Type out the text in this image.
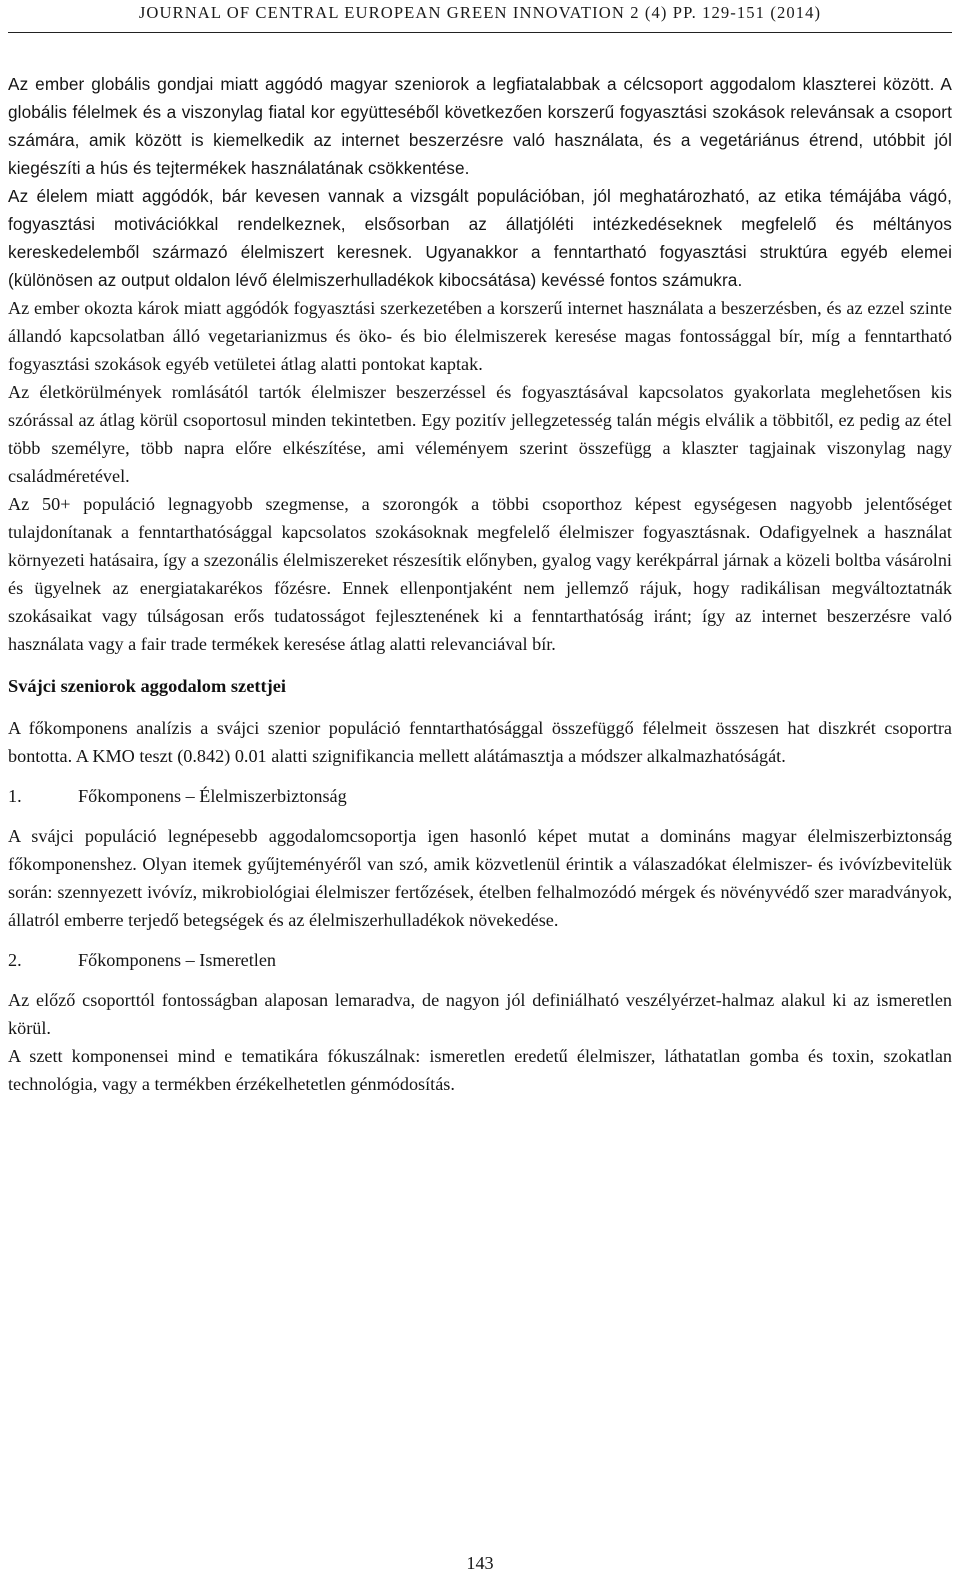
JOURNAL OF CENTRAL EUROPEAN GREEN INNOVATION 2 (4) PP. 129-151 (2014)

Az ember globális gondjai miatt aggódó magyar szeniorok a legfiatalabbak a célcsoport aggodalom klaszterei között. A globális félelmek és a viszonylag fiatal kor együtteséből következően korszerű fogyasztási szokások relevánsak a csoport számára, amik között is kiemelkedik az internet beszerzésre való használata, és a vegetáriánus étrend, utóbbit jól kiegészíti a hús és tejtermékek használatának csökkentése.

Az élelem miatt aggódók, bár kevesen vannak a vizsgált populációban, jól meghatározható, az etika témájába vágó, fogyasztási motivációkkal rendelkeznek, elsősorban az állatjóléti intézkedéseknek megfelelő és méltányos kereskedelemből származó élelmiszert keresnek. Ugyanakkor a fenntartható fogyasztási struktúra egyéb elemei (különösen az output oldalon lévő élelmiszerhulladékok kibocsátása) kevéssé fontos számukra.

Az ember okozta károk miatt aggódók fogyasztási szerkezetében a korszerű internet használata a beszerzésben, és az ezzel szinte állandó kapcsolatban álló vegetarianizmus és öko- és bio élelmiszerek keresése magas fontossággal bír, míg a fenntartható fogyasztási szokások egyéb vetületei átlag alatti pontokat kaptak.

Az életkörülmények romlásától tartók élelmiszer beszerzéssel és fogyasztásával kapcsolatos gyakorlata meglehetősen kis szórással az átlag körül csoportosul minden tekintetben. Egy pozitív jellegzetesség talán mégis elválik a többitől, ez pedig az étel több személyre, több napra előre elkészítése, ami véleményem szerint összefügg a klaszter tagjainak viszonylag nagy családméretével.

Az 50+ populáció legnagyobb szegmense, a szorongók a többi csoporthoz képest egységesen nagyobb jelentőséget tulajdonítanak a fenntarthatósággal kapcsolatos szokásoknak megfelelő élelmiszer fogyasztásnak. Odafigyelnek a használat környezeti hatásaira, így a szezonális élelmiszereket részesítik előnyben, gyalog vagy kerékpárral járnak a közeli boltba vásárolni és ügyelnek az energiatakarékos főzésre. Ennek ellenpontjaként nem jellemző rájuk, hogy radikálisan megváltoztatnák szokásaikat vagy túlságosan erős tudatosságot fejlesztenének ki a fenntarthatóság iránt; így az internet beszerzésre való használata vagy a fair trade termékek keresése átlag alatti relevanciával bír.

Svájci szeniorok aggodalom szettjei

A főkomponens analízis a svájci szenior populáció fenntarthatósággal összefüggő félelmeit összesen hat diszkrét csoportra bontotta. A KMO teszt (0.842) 0.01 alatti szignifikancia mellett alátámasztja a módszer alkalmazhatóságát.

1.	Főkomponens – Élelmiszerbiztonság

A svájci populáció legnépesebb aggodalomcsoportja igen hasonló képet mutat a domináns magyar élelmiszerbiztonság főkomponenshez. Olyan itemek gyűjteményéről van szó, amik közvetlenül érintik a válaszadókat élelmiszer- és ivóvízbevitelük során: szennyezett ivóvíz, mikrobiológiai élelmiszer fertőzések, ételben felhalmozódó mérgek és növényvédő szer maradványok, állatról emberre terjedő betegségek és az élelmiszerhulladékok növekedése.

2.	Főkomponens – Ismeretlen

Az előző csoporttól fontosságban alaposan lemaradva, de nagyon jól definiálható veszélyérzet-halmaz alakul ki az ismeretlen körül.

A szett komponensei mind e tematikára fókuszálnak: ismeretlen eredetű élelmiszer, láthatatlan gomba és toxin, szokatlan technológia, vagy a termékben érzékelhetetlen génmódosítás.

143
